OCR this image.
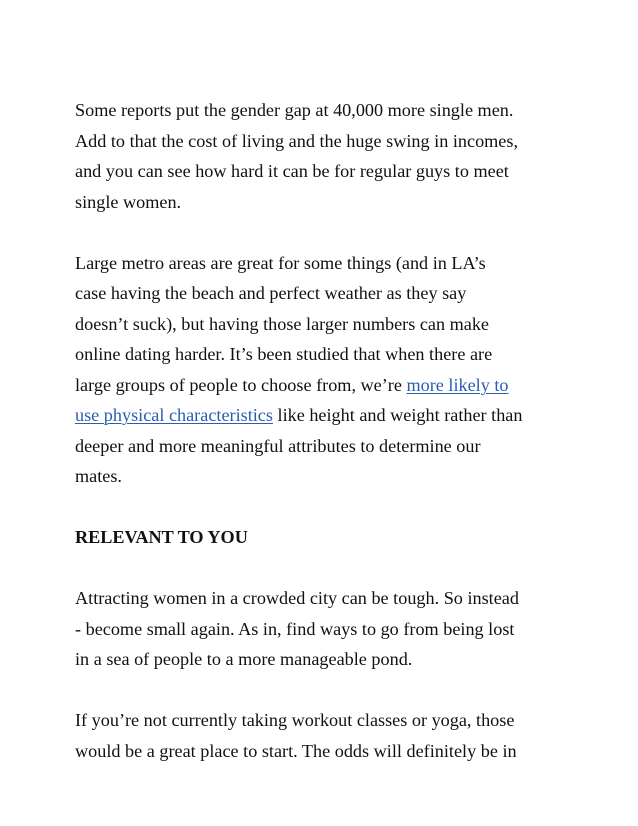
Some reports put the gender gap at 40,000 more single men.
Add to that the cost of living and the huge swing in incomes,
and you can see how hard it can be for regular guys to meet
single women.

Large metro areas are great for some things (and in LA’s
case having the beach and perfect weather as they say
doesn’t suck), but having those larger numbers can make
online dating harder. It’s been studied that when there are
large groups of people to choose from, we’re more likely to
use physical characteristics like height and weight rather than
deeper and more meaningful attributes to determine our
mates.

RELEVANT TO YOU

Attracting women in a crowded city can be tough. So instead
- become small again. As in, find ways to go from being lost
in a sea of people to a more manageable pond.

If you’re not currently taking workout classes or yoga, those
would be a great place to start. The odds will definitely be in
